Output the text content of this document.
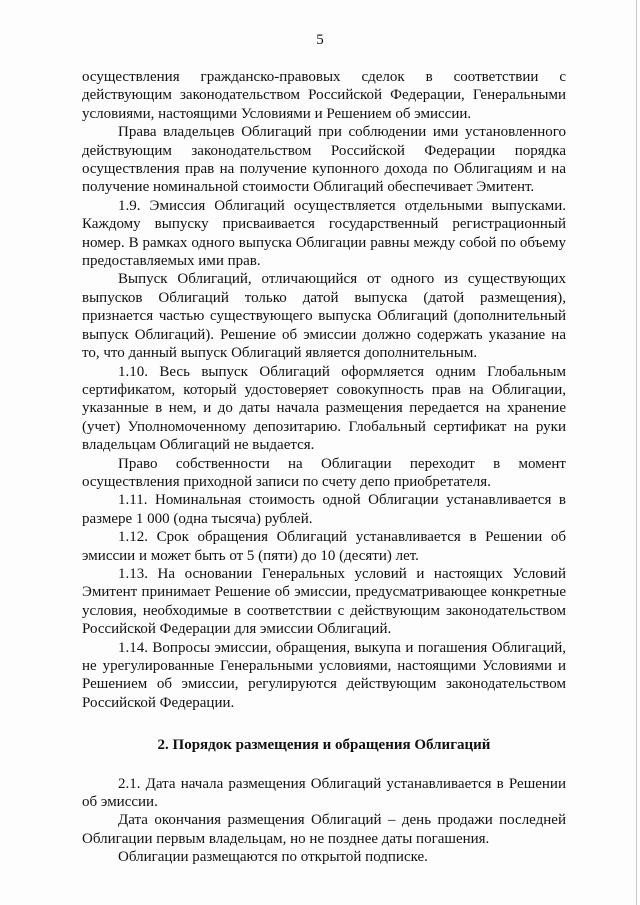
5

осуществления гражданско-правовых сделок в соответствии с действующим законодательством Российской Федерации, Генеральными условиями, настоящими Условиями и Решением об эмиссии.

Права владельцев Облигаций при соблюдении ими установленного действующим законодательством Российской Федерации порядка осуществления прав на получение купонного дохода по Облигациям и на получение номинальной стоимости Облигаций обеспечивает Эмитент.

1.9. Эмиссия Облигаций осуществляется отдельными выпусками. Каждому выпуску присваивается государственный регистрационный номер. В рамках одного выпуска Облигации равны между собой по объему предоставляемых ими прав.

Выпуск Облигаций, отличающийся от одного из существующих выпусков Облигаций только датой выпуска (датой размещения), признается частью существующего выпуска Облигаций (дополнительный выпуск Облигаций). Решение об эмиссии должно содержать указание на то, что данный выпуск Облигаций является дополнительным.

1.10. Весь выпуск Облигаций оформляется одним Глобальным сертификатом, который удостоверяет совокупность прав на Облигации, указанные в нем, и до даты начала размещения передается на хранение (учет) Уполномоченному депозитарию. Глобальный сертификат на руки владельцам Облигаций не выдается.

Право собственности на Облигации переходит в момент осуществления приходной записи по счету депо приобретателя.

1.11. Номинальная стоимость одной Облигации устанавливается в размере 1 000 (одна тысяча) рублей.

1.12. Срок обращения Облигаций устанавливается в Решении об эмиссии и может быть от 5 (пяти) до 10 (десяти) лет.

1.13. На основании Генеральных условий и настоящих Условий Эмитент принимает Решение об эмиссии, предусматривающее конкретные условия, необходимые в соответствии с действующим законодательством Российской Федерации для эмиссии Облигаций.

1.14. Вопросы эмиссии, обращения, выкупа и погашения Облигаций, не урегулированные Генеральными условиями, настоящими Условиями и Решением об эмиссии, регулируются действующим законодательством Российской Федерации.

2. Порядок размещения и обращения Облигаций

2.1. Дата начала размещения Облигаций устанавливается в Решении об эмиссии.

Дата окончания размещения Облигаций – день продажи последней Облигации первым владельцам, но не позднее даты погашения.

Облигации размещаются по открытой подписке.
